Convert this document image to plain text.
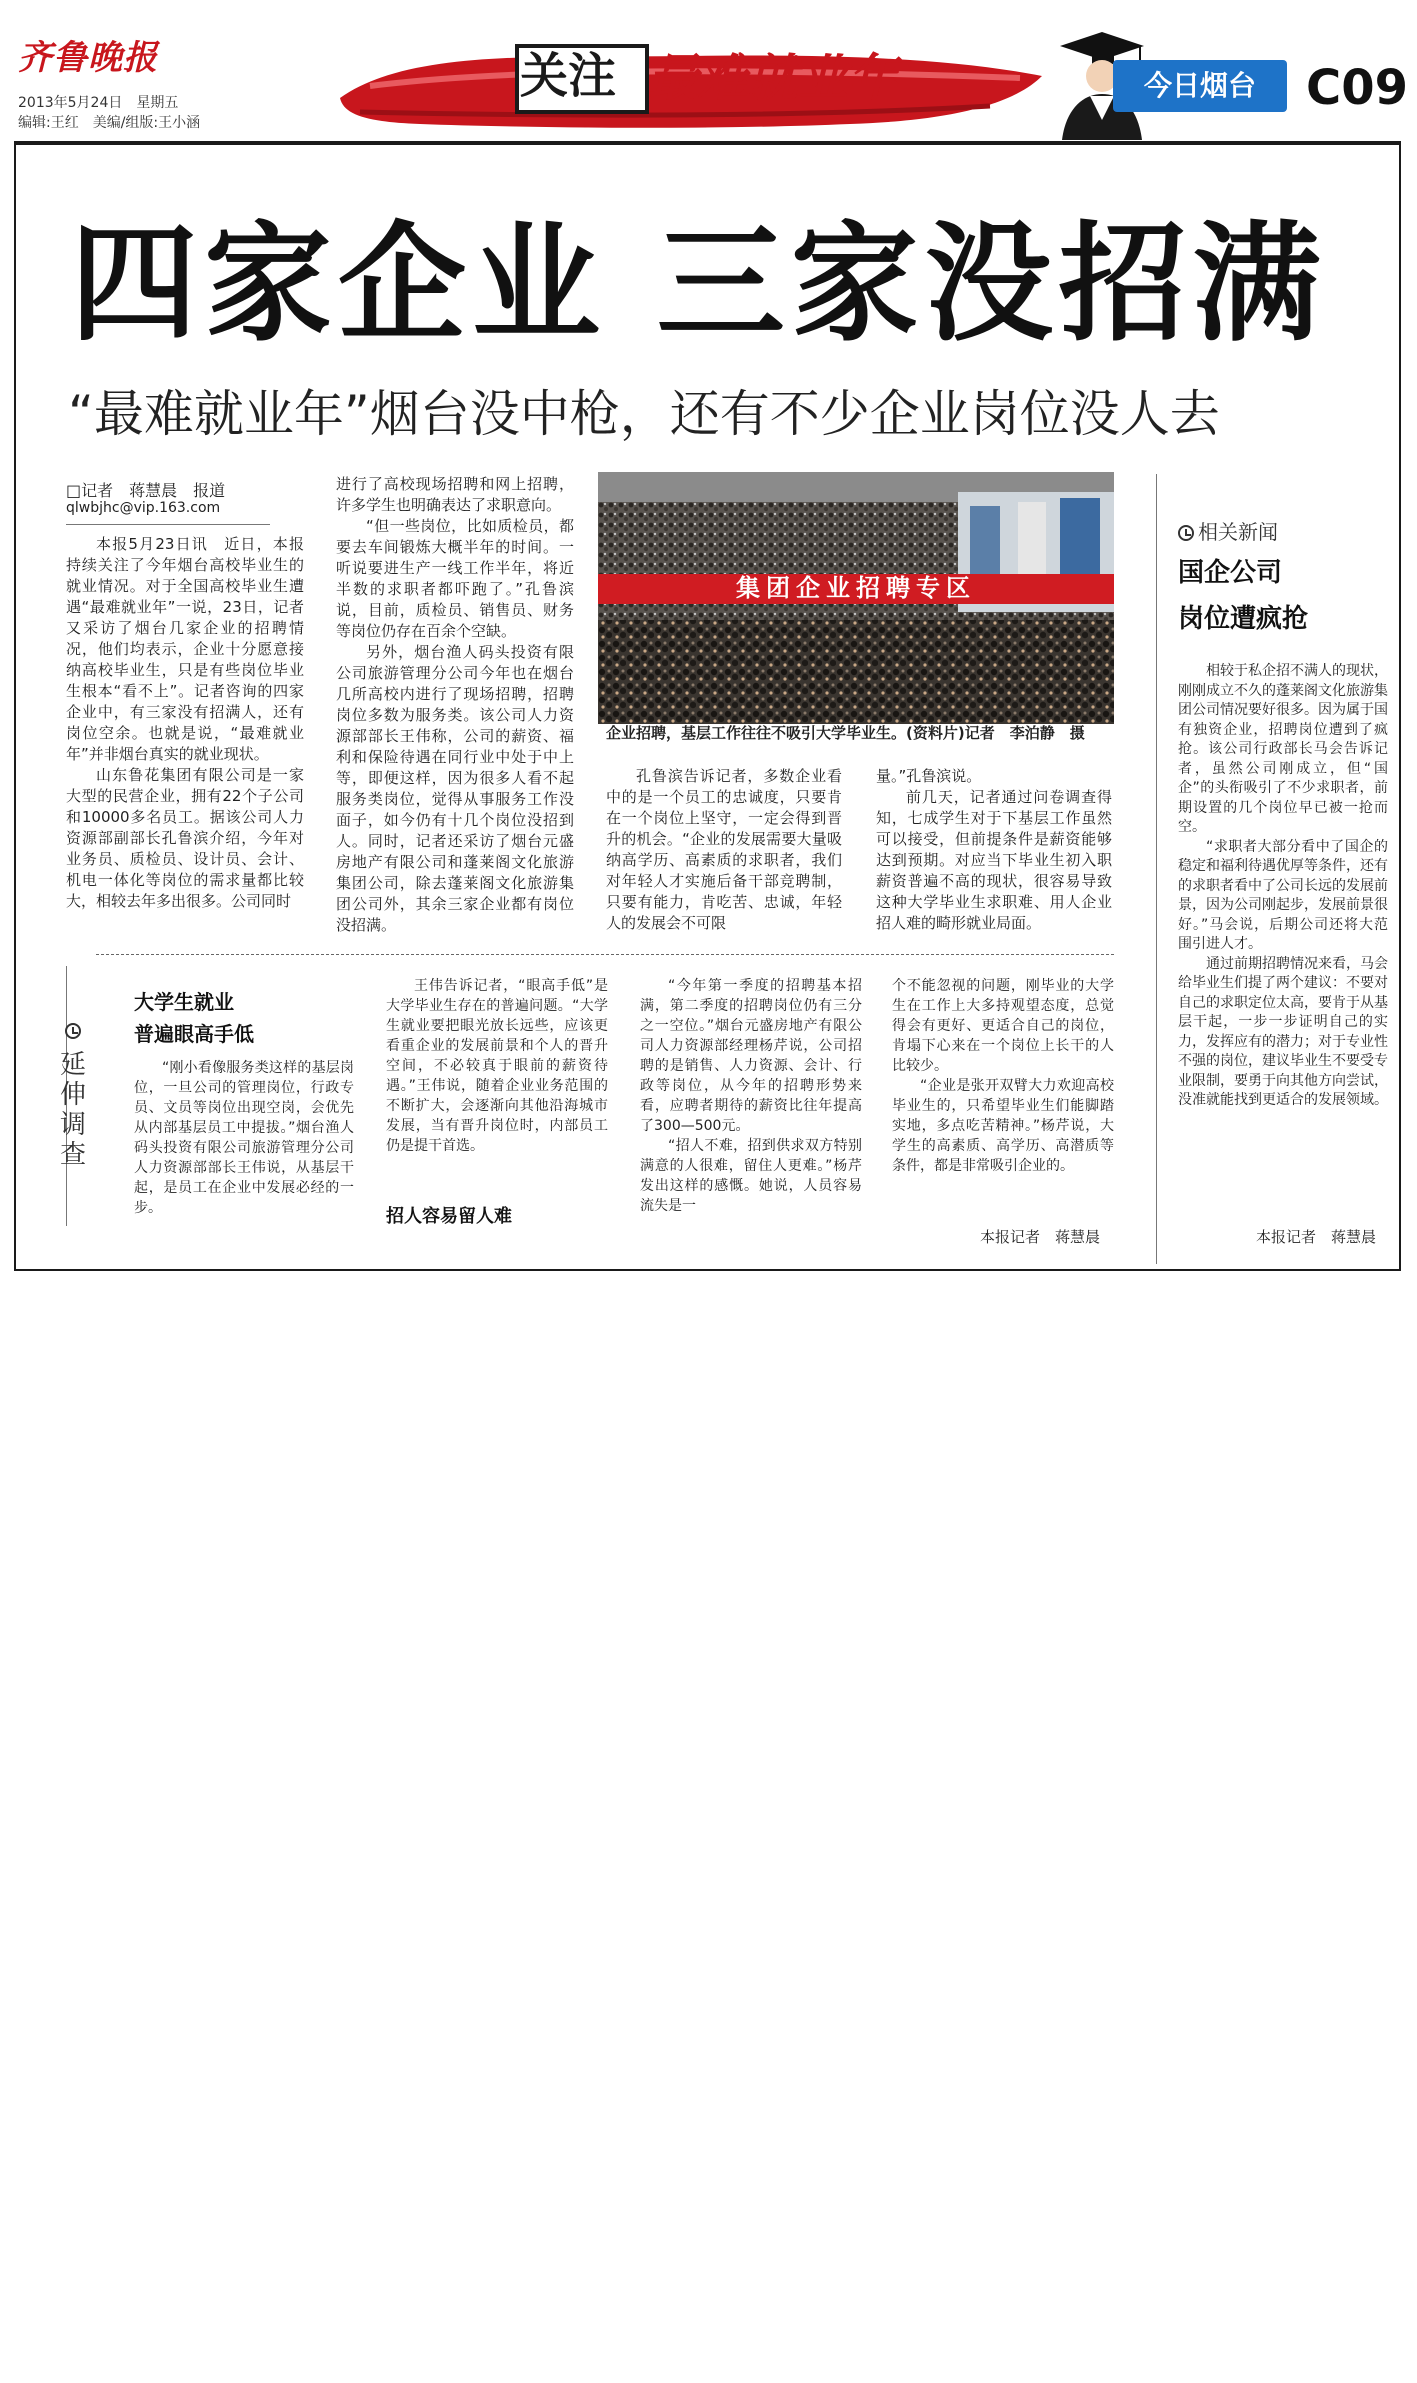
齐鲁晚报
2013年5月24日　星期五
编辑:王红　美编/组版:王小涵
关注 最难就业年	今日烟台	C09
四家企业 三家没招满
“最难就业年”烟台没中枪，还有不少企业岗位没人去
□记者　蒋慧晨　报道
qlwbjhc@vip.163.com

本报5月23日讯　近日，本报持续关注了今年烟台高校毕业生的就业情况。对于全国高校毕业生遭遇“最难就业年”一说，23日，记者又采访了烟台几家企业的招聘情况，他们均表示，企业十分愿意接纳高校毕业生，只是有些岗位毕业生根本“看不上”。记者咨询的四家企业中，有三家没有招满人，还有岗位空余。也就是说，“最难就业年”并非烟台真实的就业现状。

山东鲁花集团有限公司是一家大型的民营企业，拥有22个子公司和10000多名员工。据该公司人力资源部副部长孔鲁滨介绍，今年对业务员、质检员、设计员、会计、机电一体化等岗位的需求量都比较大，相较去年多出很多。公司同时

进行了高校现场招聘和网上招聘，许多学生也明确表达了求职意向。

“但一些岗位，比如质检员，都要去车间锻炼大概半年的时间。一听说要进生产一线工作半年，将近半数的求职者都吓跑了。”孔鲁滨说，目前，质检员、销售员、财务等岗位仍存在百余个空缺。

另外，烟台渔人码头投资有限公司旅游管理分公司今年也在烟台几所高校内进行了现场招聘，招聘岗位多数为服务类。该公司人力资源部部长王伟称，公司的薪资、福利和保险待遇在同行业中处于中上等，即便这样，因为很多人看不起服务类岗位，觉得从事服务工作没面子，如今仍有十几个岗位没招到人。同时，记者还采访了烟台元盛房地产有限公司和蓬莱阁文化旅游集团公司，除去蓬莱阁文化旅游集团公司外，其余三家企业都有岗位没招满。

集团企业招聘专区
企业招聘，基层工作往往不吸引大学毕业生。(资料片)记者　李泊静　摄

孔鲁滨告诉记者，多数企业看中的是一个员工的忠诚度，只要肯在一个岗位上坚守，一定会得到晋升的机会。“企业的发展需要大量吸纳高学历、高素质的求职者，我们对年轻人才实施后备干部竞聘制，只要有能力，肯吃苦、忠诚，年轻人的发展会不可限

量。”孔鲁滨说。

前几天，记者通过问卷调查得知，七成学生对于下基层工作虽然可以接受，但前提条件是薪资能够达到预期。对应当下毕业生初入职薪资普遍不高的现状，很容易导致这种大学毕业生求职难、用人企业招人难的畸形就业局面。

相关新闻
国企公司
岗位遭疯抢

相较于私企招不满人的现状，刚刚成立不久的蓬莱阁文化旅游集团公司情况要好很多。因为属于国有独资企业，招聘岗位遭到了疯抢。该公司行政部长马会告诉记者，虽然公司刚成立，但“国企”的头衔吸引了不少求职者，前期设置的几个岗位早已被一抢而空。

“求职者大部分看中了国企的稳定和福利待遇优厚等条件，还有的求职者看中了公司长远的发展前景，因为公司刚起步，发展前景很好。”马会说，后期公司还将大范围引进人才。

通过前期招聘情况来看，马会给毕业生们提了两个建议：不要对自己的求职定位太高，要肯于从基层干起，一步一步证明自己的实力，发挥应有的潜力；对于专业性不强的岗位，建议毕业生不要受专业限制，要勇于向其他方向尝试，没准就能找到更适合的发展领域。

本报记者　蒋慧晨
延伸调查
大学生就业
普遍眼高手低

“刚小看像服务类这样的基层岗位，一旦公司的管理岗位，行政专员、文员等岗位出现空岗，会优先从内部基层员工中提拔。”烟台渔人码头投资有限公司旅游管理分公司人力资源部部长王伟说，从基层干起，是员工在企业中发展必经的一步。

王伟告诉记者，“眼高手低”是大学毕业生存在的普遍问题。“大学生就业要把眼光放长远些，应该更看重企业的发展前景和个人的晋升空间，不必较真于眼前的薪资待遇。”王伟说，随着企业业务范围的不断扩大，会逐渐向其他沿海城市发展，当有晋升岗位时，内部员工仍是提干首选。

招人容易留人难

“今年第一季度的招聘基本招满，第二季度的招聘岗位仍有三分之一空位。”烟台元盛房地产有限公司人力资源部经理杨芹说，公司招聘的是销售、人力资源、会计、行政等岗位，从今年的招聘形势来看，应聘者期待的薪资比往年提高了300—500元。

“招人不难，招到供求双方特别满意的人很难，留住人更难。”杨芹发出这样的感慨。她说，人员容易流失是一

个不能忽视的问题，刚毕业的大学生在工作上大多持观望态度，总觉得会有更好、更适合自己的岗位，肯塌下心来在一个岗位上长干的人比较少。

“企业是张开双臂大力欢迎高校毕业生的，只希望毕业生们能脚踏实地，多点吃苦精神。”杨芹说，大学生的高素质、高学历、高潜质等条件，都是非常吸引企业的。

本报记者　蒋慧晨
